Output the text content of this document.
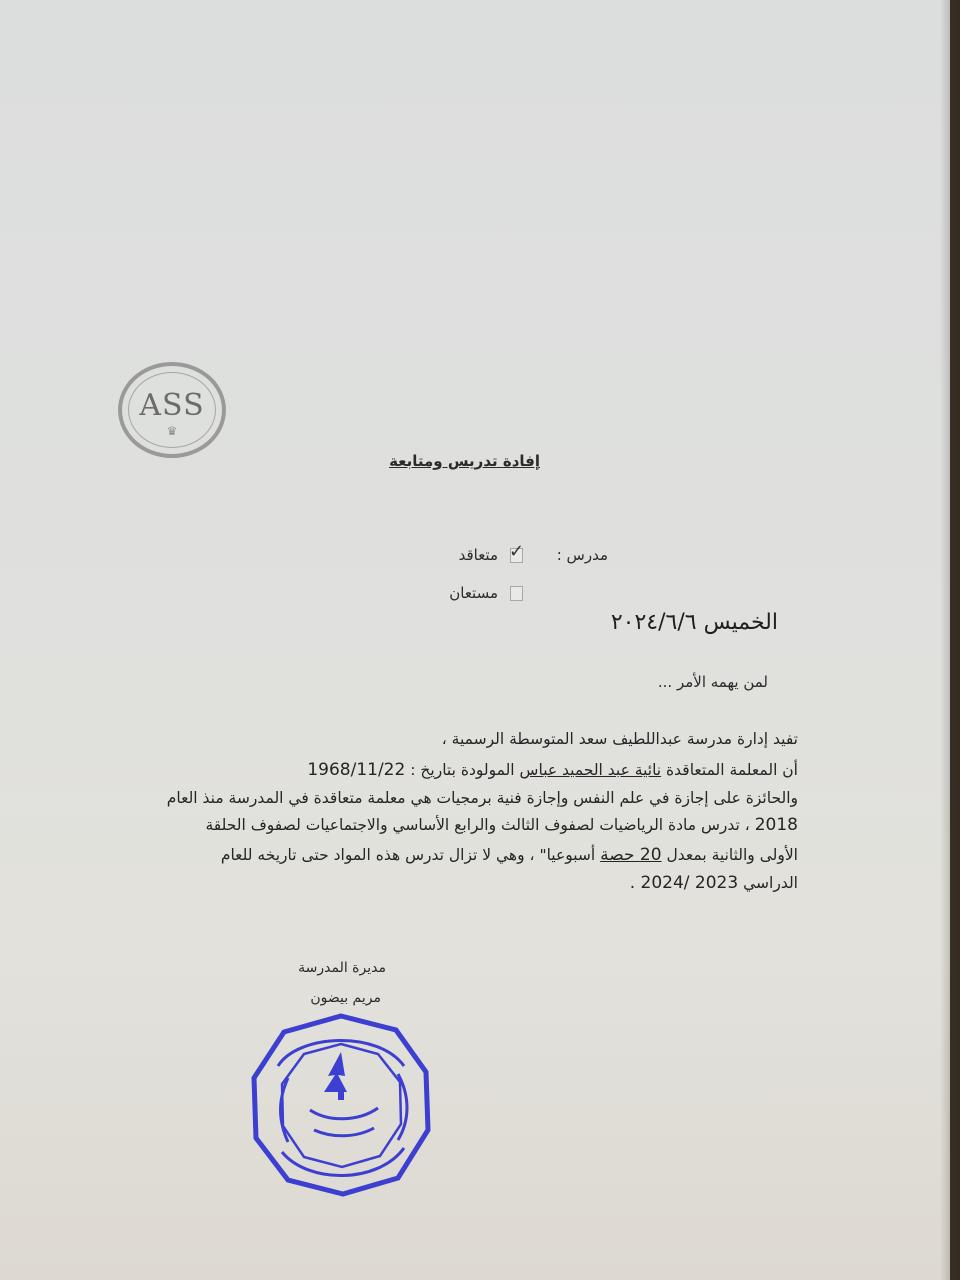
ASS
♛
إفادة تدريس ومتابعة
مدرس :
متعاقد ✓
مستعان
الخميس ٢٠٢٤/٦/٦
لمن يهمه الأمر ...
تفيد إدارة مدرسة عبداللطيف سعد المتوسطة الرسمية ،
أن المعلمة المتعاقدة نائية عبد الحميد عباس المولودة بتاريخ : 1968/11/22
والحائزة على إجازة في علم النفس وإجازة فنية برمجيات هي معلمة متعاقدة في المدرسة منذ العام
2018 ، تدرس مادة الرياضيات لصفوف الثالث والرابع الأساسي والاجتماعيات لصفوف الحلقة
الأولى والثانية بمعدل 20 حصة أسبوعيا" ، وهي لا تزال تدرس هذه المواد حتى تاريخه للعام
الدراسي 2023 /2024 .
مديرة المدرسة
مريم بيضون
